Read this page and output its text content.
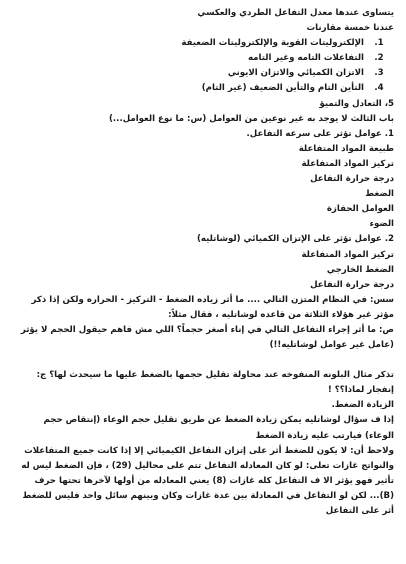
يتساوى عندها معدل التفاعل الطردي والعكسي
عندنا خمسة مقارنات
1.
الإلكتروليتات القوية والإلكتروليتات الضعيفة
2.
التفاعلات التامه وغير التامه
3.
الاتزان الكميائي والاتزان الايوني
4.
التأين التام والتأين الضعيف (غير التام)
5، التعادل والتميؤ
باب الثالث لا يوجد به غير نوعين من العوامل (س: ما نوع العوامل...)
1. عوامل تؤثر على سرعه التفاعل.
طبيعة المواد المتفاعلة
تركيز المواد المتفاعلة
درجة حرارة التفاعل
الضغط
العوامل الحفازة
الضوء
2. عوامل تؤثر على الإتزان الكميائي (لوشاتليه)
تركيز المواد المتفاعلة
الضغط الخارجي
درجة حرارة التفاعل
سس: في النظام المتزن التالي .... ما أثر زياده الضغط - التركيز - الحراره ولكن إذا ذكر
مؤثر غير هؤلاء الثلاثة من قاعده لوشاتليه ، فقال مثلاً:
ص: ما أثر إجراء التفاعل التالي في إناء أصغر حجماً؟ اللي مش فاهم حيقول الحجم لا يؤثر
(عامل غير عوامل لوشاتليه!!)
تذكر مثال البلونه المنفوخه عند محاولة تقليل حجمها بالضغط عليها ما سيحدث لها؟ ج:
إنفجار لماذا؟؟ !
الزيادة الضغط.
إذا ف سؤال لوشاتليه يمكن زيادة الضغط عن طريق تقليل حجم الوعاء (إنتقاص حجم
الوعاء) فيارتب عليه زيادة الضغط
ولاحظ أن: لا يكون للضغط أثر على إتزان التفاعل الكيميائي إلا إذا كانت جميع المتفاعلات
والنواتج غازات تعلى: لو كان المعادله التفاعل تتم على محاليل (29) ، فإن الضغط ليس له
تأثير فهو يؤثر الا ف التفاعل كله غازات (8) يعني المعادله من أولها لآخرها تحتها حرف
(B)... لكن لو التفاعل في المعادلة بين عدة غازات وكان وبينهم سائل واحد فليس للضغط
أثر على التفاعل
